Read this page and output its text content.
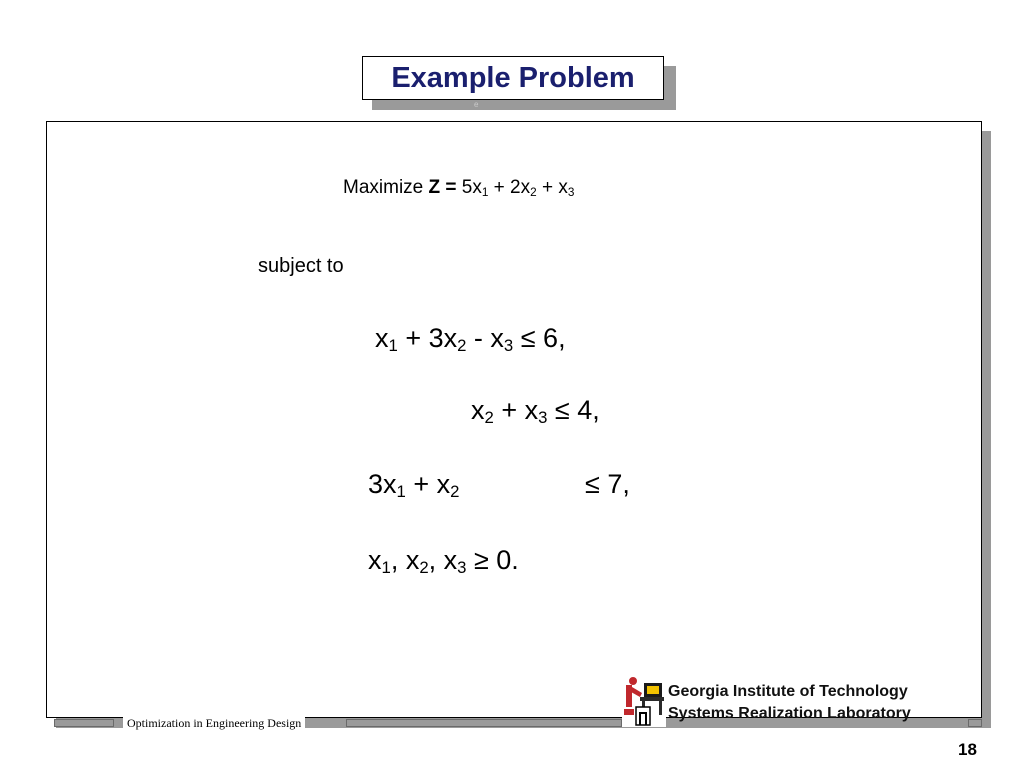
Example Problem
e
Maximize $Z = 5x_1 + 2x_2 + x_3$
subject to
$x_1 + 3x_2 - x_3 \le 6$,
$x_2 + x_3 \le 4$,
$3x_1 + x_2$	≤ 7,
$x_1$, $x_2$, $x_3 \ge 0$.
Optimization in Engineering Design
Georgia Institute of Technology
Systems Realization Laboratory
18
